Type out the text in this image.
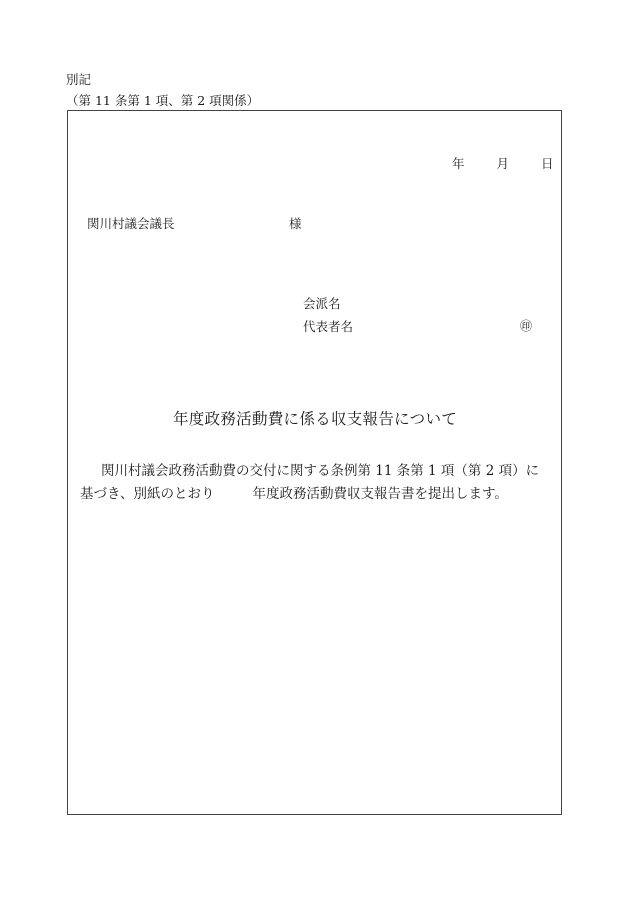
別記
（第 11 条第 1 項、第 2 項関係）
年	月	日
関川村議会議長	様
会派名
代表者名	㊞
年度政務活動費に係る収支報告について
関川村議会政務活動費の交付に関する条例第 11 条第 1 項（第 2 項）に
基づき、別紙のとおり	年度政務活動費収支報告書を提出します。
